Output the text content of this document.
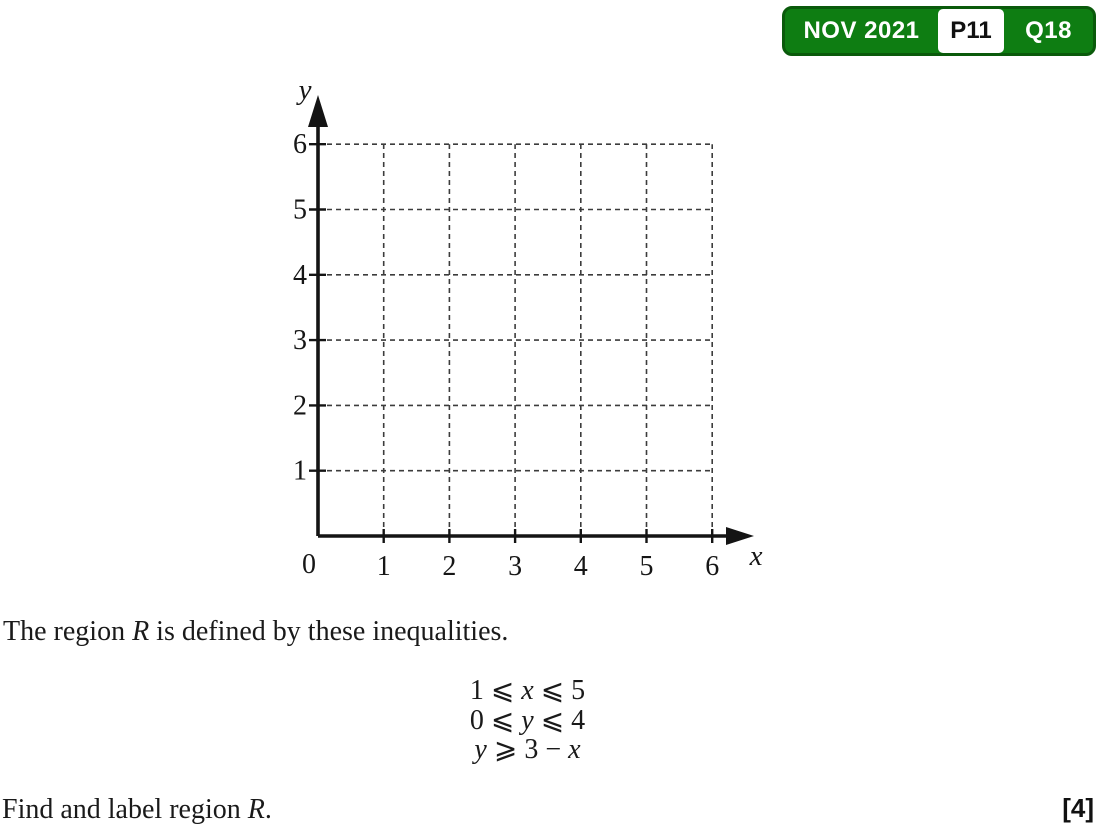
NOV 2021	P11	Q18
1
2
3
4
5
6
1 2 3 4 5 6
0
y
x
The region R is defined by these inequalities.
1 ⩽ x ⩽ 5
0 ⩽ y ⩽ 4
y ⩾ 3 − x
Find and label region R.	[4]
